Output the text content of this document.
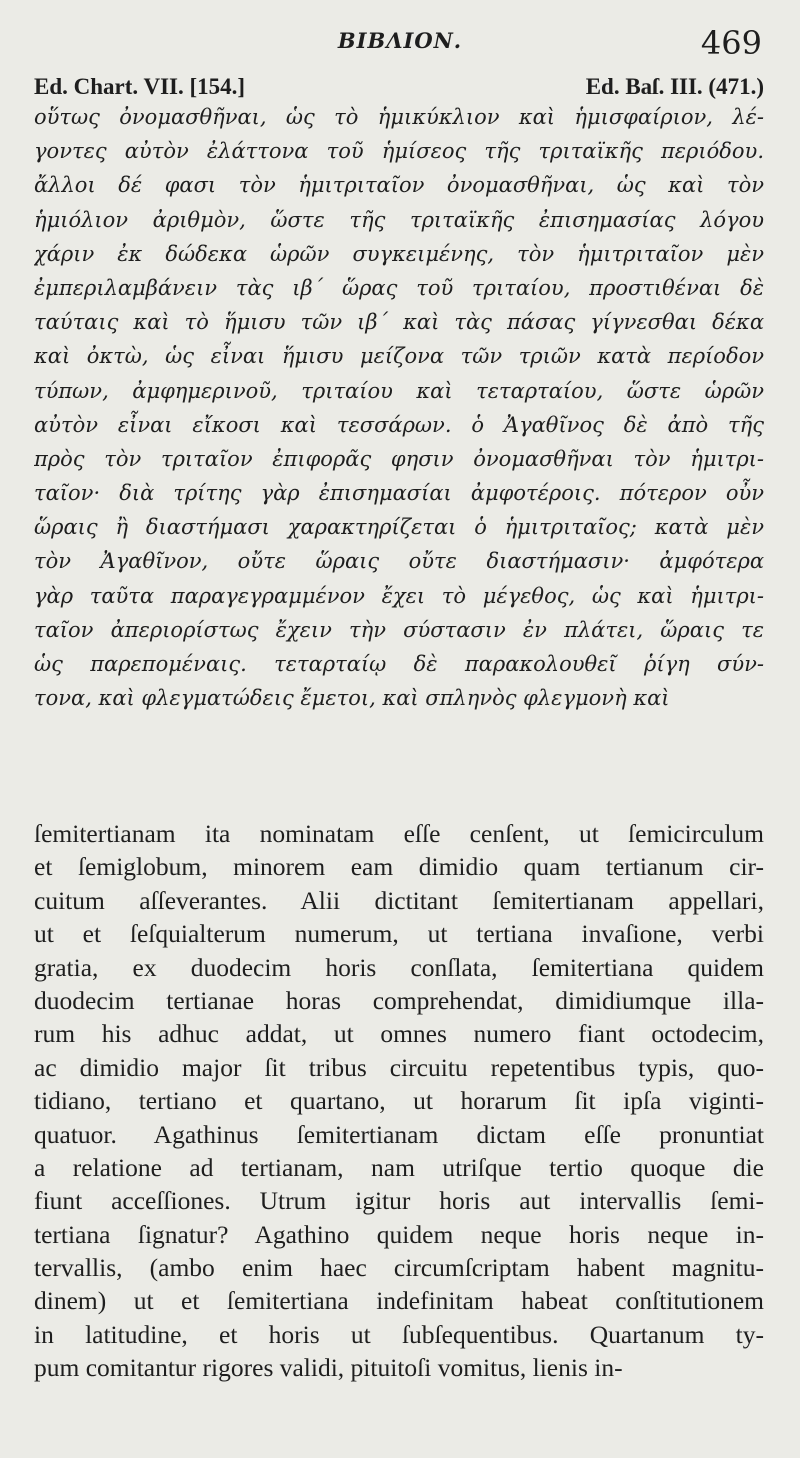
ΒΙΒΛΙΟΝ.	469
Ed. Chart. VII. [154.]	Ed. Baſ. III. (471.)
οὕτως ὀνομασθῆναι, ὡς τὸ ἡμικύκλιον καὶ ἡμισφαίριον, λέ-
γοντες αὐτὸν ἐλάττονα τοῦ ἡμίσεος τῆς τριταϊκῆς περιόδου.
ἄλλοι δέ φασι τὸν ἡμιτριταῖον ὀνομασθῆναι, ὡς καὶ τὸν
ἡμιόλιον ἀριθμὸν, ὥστε τῆς τριταϊκῆς ἐπισημασίας λόγου
χάριν ἐκ δώδεκα ὡρῶν συγκειμένης, τὸν ἡμιτριταῖον μὲν
ἐμπεριλαμβάνειν τὰς ιβ΄ ὥρας τοῦ τριταίου, προστιθέναι δὲ
ταύταις καὶ τὸ ἥμισυ τῶν ιβ΄ καὶ τὰς πάσας γίγνεσθαι δέκα
καὶ ὀκτὼ, ὡς εἶναι ἥμισυ μείζονα τῶν τριῶν κατὰ περίοδον
τύπων, ἀμφημερινοῦ, τριταίου καὶ τεταρταίου, ὥστε ὡρῶν
αὐτὸν εἶναι εἴκοσι καὶ τεσσάρων. ὁ Ἀγαθῖνος δὲ ἀπὸ τῆς
πρὸς τὸν τριταῖον ἐπιφορᾶς φησιν ὀνομασθῆναι τὸν ἡμιτρι-
ταῖον· διὰ τρίτης γὰρ ἐπισημασίαι ἀμφοτέροις. πότερον οὖν
ὥραις ἢ διαστήμασι χαρακτηρίζεται ὁ ἡμιτριταῖος; κατὰ μὲν
τὸν Ἀγαθῖνον, οὔτε ὥραις οὔτε διαστήμασιν· ἀμφότερα
γὰρ ταῦτα παραγεγραμμένον ἔχει τὸ μέγεθος, ὡς καὶ ἡμιτρι-
ταῖον ἀπεριορίστως ἔχειν τὴν σύστασιν ἐν πλάτει, ὥραις τε
ὡς παρεπομέναις. τεταρταίῳ δὲ παρακολουθεῖ ῥίγη σύν-
τονα, καὶ φλεγματώδεις ἔμετοι, καὶ σπληνὸς φλεγμονὴ καὶ
ſemitertianam ita nominatam eſſe cenſent, ut ſemicirculum
et ſemiglobum, minorem eam dimidio quam tertianum cir-
cuitum aſſeverantes. Alii dictitant ſemitertianam appellari,
ut et ſeſquialterum numerum, ut tertiana invaſione, verbi
gratia, ex duodecim horis conſlata, ſemitertiana quidem
duodecim tertianae horas comprehendat, dimidiumque illa-
rum his adhuc addat, ut omnes numero fiant octodecim,
ac dimidio major ſit tribus circuitu repetentibus typis, quo-
tidiano, tertiano et quartano, ut horarum ſit ipſa viginti-
quatuor. Agathinus ſemitertianam dictam eſſe pronuntiat
a relatione ad tertianam, nam utriſque tertio quoque die
fiunt acceſſiones. Utrum igitur horis aut intervallis ſemi-
tertiana ſignatur? Agathino quidem neque horis neque in-
tervallis, (ambo enim haec circumſcriptam habent magnitu-
dinem) ut et ſemitertiana indefinitam habeat conſtitutionem
in latitudine, et horis ut ſubſequentibus. Quartanum ty-
pum comitantur rigores validi, pituitoſi vomitus, lienis in-
